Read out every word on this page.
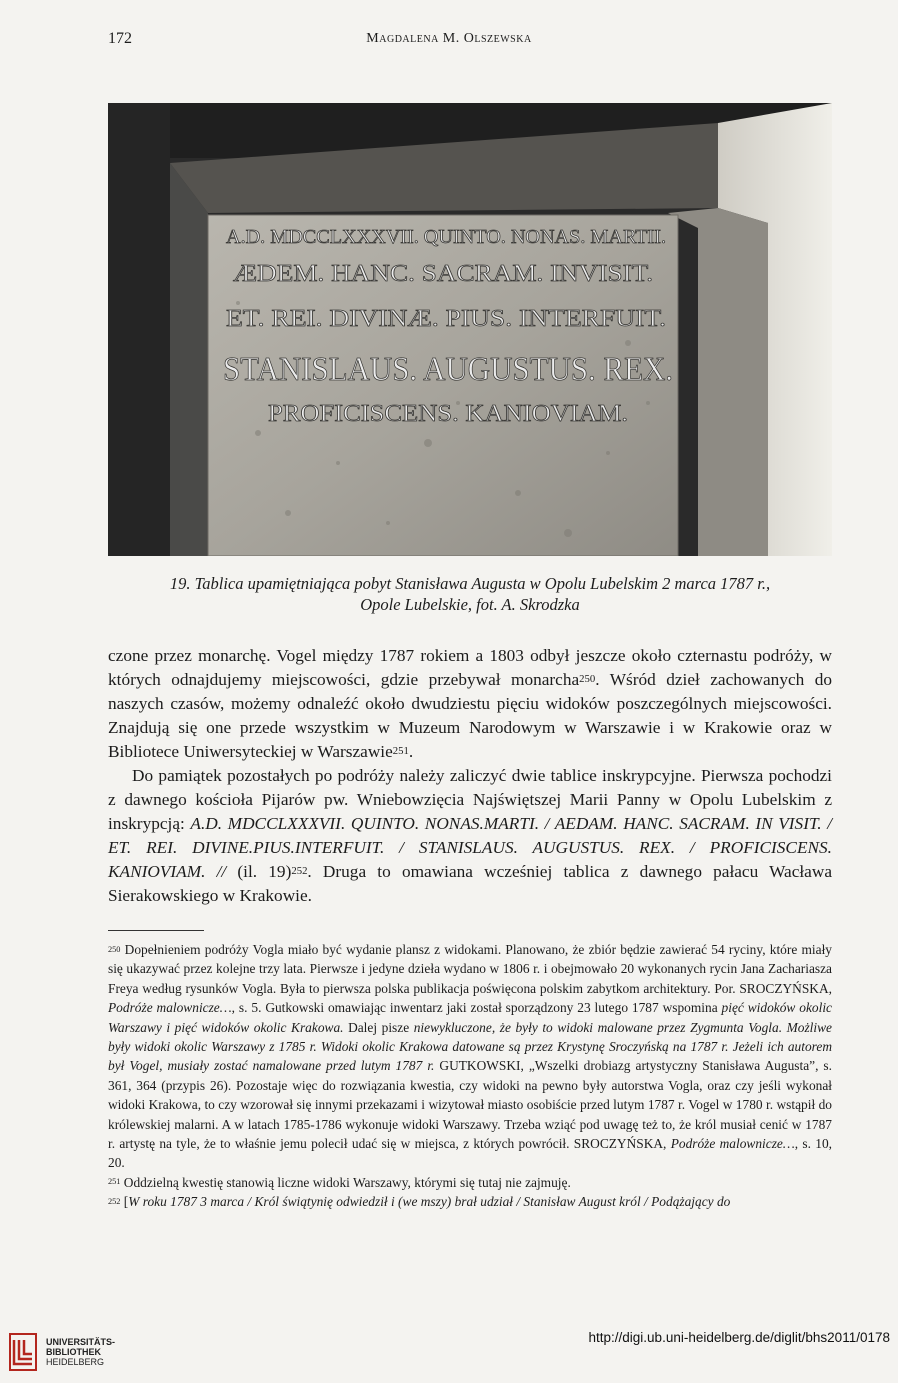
172	Magdalena M. Olszewska
A.D. MDCCLXXXVII. QUINTO. NONAS. MARTII.
ÆDEM. HANC. SACRAM. INVISIT.
ET. REI. DIVINÆ. PIUS. INTERFUIT.
STANISLAUS. AUGUSTUS. REX.
PROFICISCENS. KANIOVIAM.
19. Tablica upamiętniająca pobyt Stanisława Augusta w Opolu Lubelskim 2 marca 1787 r.,
Opole Lubelskie, fot. A. Skrodzka

czone przez monarchę. Vogel między 1787 rokiem a 1803 odbył jeszcze około czternastu podróży, w których odnajdujemy miejscowości, gdzie przebywał monarcha$^{250}$. Wśród dzieł zachowanych do naszych czasów, możemy odnaleźć około dwudziestu pięciu widoków poszczególnych miejscowości. Znajdują się one przede wszystkim w Muzeum Narodowym w Warszawie i w Krakowie oraz w Bibliotece Uniwersyteckiej w Warszawie$^{251}$.

Do pamiątek pozostałych po podróży należy zaliczyć dwie tablice inskrypcyjne. Pierwsza pochodzi z dawnego kościoła Pijarów pw. Wniebowzięcia Najświętszej Marii Panny w Opolu Lubelskim z inskrypcją: A.D. MDCCLXXXVII. QUINTO. NONAS.MARTI. / AEDAM. HANC. SACRAM. IN VISIT. / ET. REI. DIVINE.PIUS.INTERFUIT. / STANISLAUS. AUGUSTUS. REX. / PROFICISCENS. KANIOVIAM. // (il. 19)$^{252}$. Druga to omawiana wcześniej tablica z dawnego pałacu Wacława Sierakowskiego w Krakowie.

$^{250}$ Dopełnieniem podróży Vogla miało być wydanie plansz z widokami. Planowano, że zbiór będzie zawierać 54 ryciny, które miały się ukazywać przez kolejne trzy lata. Pierwsze i jedyne dzieła wydano w 1806 r. i obejmowało 20 wykonanych rycin Jana Zachariasza Freya według rysunków Vogla. Była to pierwsza polska publikacja poświęcona polskim zabytkom architektury. Por. SROCZYŃSKA, Podróże malownicze…, s. 5. Gutkowski omawiając inwentarz jaki został sporządzony 23 lutego 1787 wspomina pięć widoków okolic Warszawy i pięć widoków okolic Krakowa. Dalej pisze niewykluczone, że były to widoki malowane przez Zygmunta Vogla. Możliwe były widoki okolic Warszawy z 1785 r. Widoki okolic Krakowa datowane są przez Krystynę Sroczyńską na 1787 r. Jeżeli ich autorem był Vogel, musiały zostać namalowane przed lutym 1787 r. GUTKOWSKI, „Wszelki drobiazg artystyczny Stanisława Augusta”, s. 361, 364 (przypis 26). Pozostaje więc do rozwiązania kwestia, czy widoki na pewno były autorstwa Vogla, oraz czy jeśli wykonał widoki Krakowa, to czy wzorował się innymi przekazami i wizytował miasto osobiście przed lutym 1787 r. Vogel w 1780 r. wstąpił do królewskiej malarni. A w latach 1785-1786 wykonuje widoki Warszawy. Trzeba wziąć pod uwagę też to, że król musiał cenić w 1787 r. artystę na tyle, że to właśnie jemu polecił udać się w miejsca, z których powrócił. SROCZYŃSKA, Podróże malownicze…, s. 10, 20.

$^{251}$ Oddzielną kwestię stanowią liczne widoki Warszawy, którymi się tutaj nie zajmuję.

$^{252}$ [W roku 1787 3 marca / Król świątynię odwiedził i (we mszy) brał udział / Stanisław August król / Podążający do

UNIVERSITÄTS-
BIBLIOTHEK
HEIDELBERG
http://digi.ub.uni-heidelberg.de/diglit/bhs2011/0178
